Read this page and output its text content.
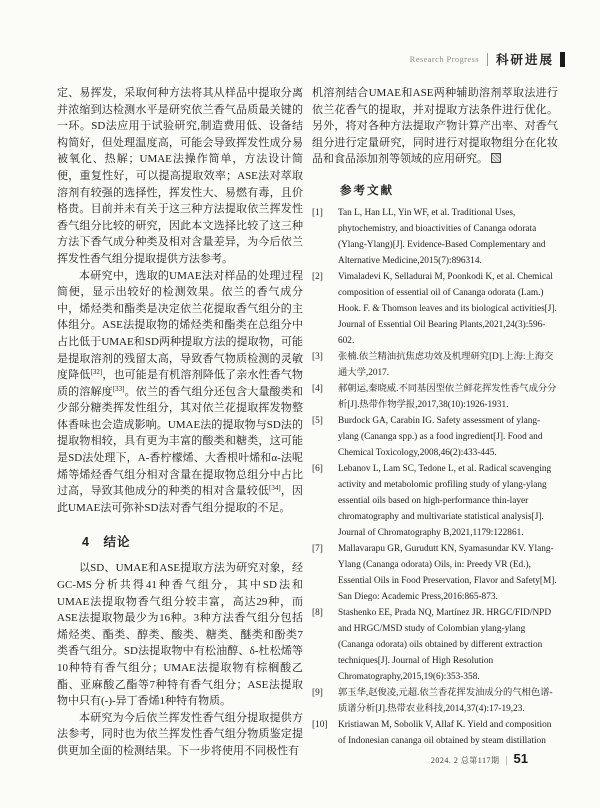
Research Progress 科研进展

定、易挥发，采取何种方法将其从样品中提取分离并浓缩到达检测水平是研究依兰香气品质最关键的一环。SD法应用于试验研究,制造费用低、设备结构简好，但处理温度高，可能会导致挥发性成分易被氧化、热解；UMAE法操作简单，方法设计简便，重复性好，可以提高提取效率；ASE法对萃取溶剂有较强的选择性，挥发性大、易燃有毒，且价格贵。目前并未有关于这三种方法提取依兰挥发性香气组分比较的研究，因此本文选择比较了这三种方法下香气成分种类及相对含量差异，为今后依兰挥发性香气组分提取提供方法参考。

本研究中，选取的UMAE法对样品的处理过程简便，显示出较好的检测效果。依兰的香气成分中，烯烃类和酯类是决定依兰花提取香气组分的主体组分。ASE法提取物的烯烃类和酯类在总组分中占比低于UMAE和SD两种提取方法的提取物，可能是提取溶剂的残留太高，导致香气物质检测的灵敏度降低[32]，也可能是有机溶剂降低了亲水性香气物质的溶解度[33]。依兰的香气组分还包含大量酸类和少部分糖类挥发性组分，其对依兰花提取挥发物整体香味也会造成影响。UMAE法的提取物与SD法的提取物相较，具有更为丰富的酸类和糖类，这可能是SD法处理下，A-香柠檬烯、大香根叶烯和α-法呢烯等烯烃香气组分相对含量在提取物总组分中占比过高，导致其他成分的种类的相对含量较低[34]，因此UMAE法可弥补SD法对香气组分提取的不足。

4　结论

以SD、UMAE和ASE提取方法为研究对象，经GC-MS分析共得41种香气组分，其中SD法和UMAE法提取物香气组分较丰富，高达29种，而ASE法提取物最少为16种。3种方法香气组分包括烯烃类、酯类、醇类、酸类、糖类、醚类和酚类7类香气组分。SD法提取物中有松油醇、δ-杜松烯等10种特有香气组分；UMAE法提取物有棕榈酸乙酯、亚麻酸乙酯等7种特有香气组分；ASE法提取物中只有(-)-异丁香烯1种特有物质。

本研究为今后依兰挥发性香气组分提取提供方法参考，同时也为依兰挥发性香气组分物质鉴定提供更加全面的检测结果。下一步将使用不同极性有

机溶剂结合UMAE和ASE两种辅助溶剂萃取法进行依兰花香气的提取，并对提取方法条件进行优化。另外，将对各种方法提取产物计算产出率、对香气组分进行定量研究，同时进行对提取物组分在化妆品和食品添加剂等领域的应用研究。

参考文献
[1]	Tan L, Han LL, Yin WF, et al. Traditional Uses, phytochemistry, and bioactivities of Cananga odorata (Ylang-Ylang)[J]. Evidence-Based Complementary and Alternative Medicine,2015(7):896314.
[2]	Vimaladevi K, Selladurai M, Poonkodi K, et al. Chemical composition of essential oil of Cananga odorata (Lam.) Hook. F. & Thomson leaves and its biological activities[J]. Journal of Essential Oil Bearing Plants,2021,24(3):596-602.
[3]	张楠.依兰精油抗焦虑功效及机理研究[D].上海:上海交通大学,2017.
[4]	郝朝运,秦晓威.不同基因型依兰鲜花挥发性香气成分分析[J].热带作物学报,2017,38(10):1926-1931.
[5]	Burdock GA, Carabin IG. Safety assessment of ylang-ylang (Cananga spp.) as a food ingredient[J]. Food and Chemical Toxicology,2008,46(2):433-445.
[6]	Lebanov L, Lam SC, Tedone L, et al. Radical scavenging activity and metabolomic profiling study of ylang-ylang essential oils based on high-performance thin-layer chromatography and multivariate statistical analysis[J]. Journal of Chromatography B,2021,1179:122861.
[7]	Mallavarapu GR, Gurudutt KN, Syamasundar KV. Ylang-Ylang (Cananga odorata) Oils, in: Preedy VR (Ed.), Essential Oils in Food Preservation, Flavor and Safety[M]. San Diego: Academic Press,2016:865-873.
[8]	Stashenko EE, Prada NQ, Martínez JR. HRGC/FID/NPD and HRGC/MSD study of Colombian ylang-ylang (Cananga odorata) oils obtained by different extraction techniques[J]. Journal of High Resolution Chromatography,2015,19(6):353-358.
[9]	郭玉华,赵俊凌,元超.依兰香花挥发油成分的气相色谱-质谱分析[J].热带农业科技,2014,37(4):17-19,23.
[10]	Kristiawan M, Sobolik V, Allaf K. Yield and composition of Indonesian cananga oil obtained by steam distillation
2024. 2 总第117期 | 51
